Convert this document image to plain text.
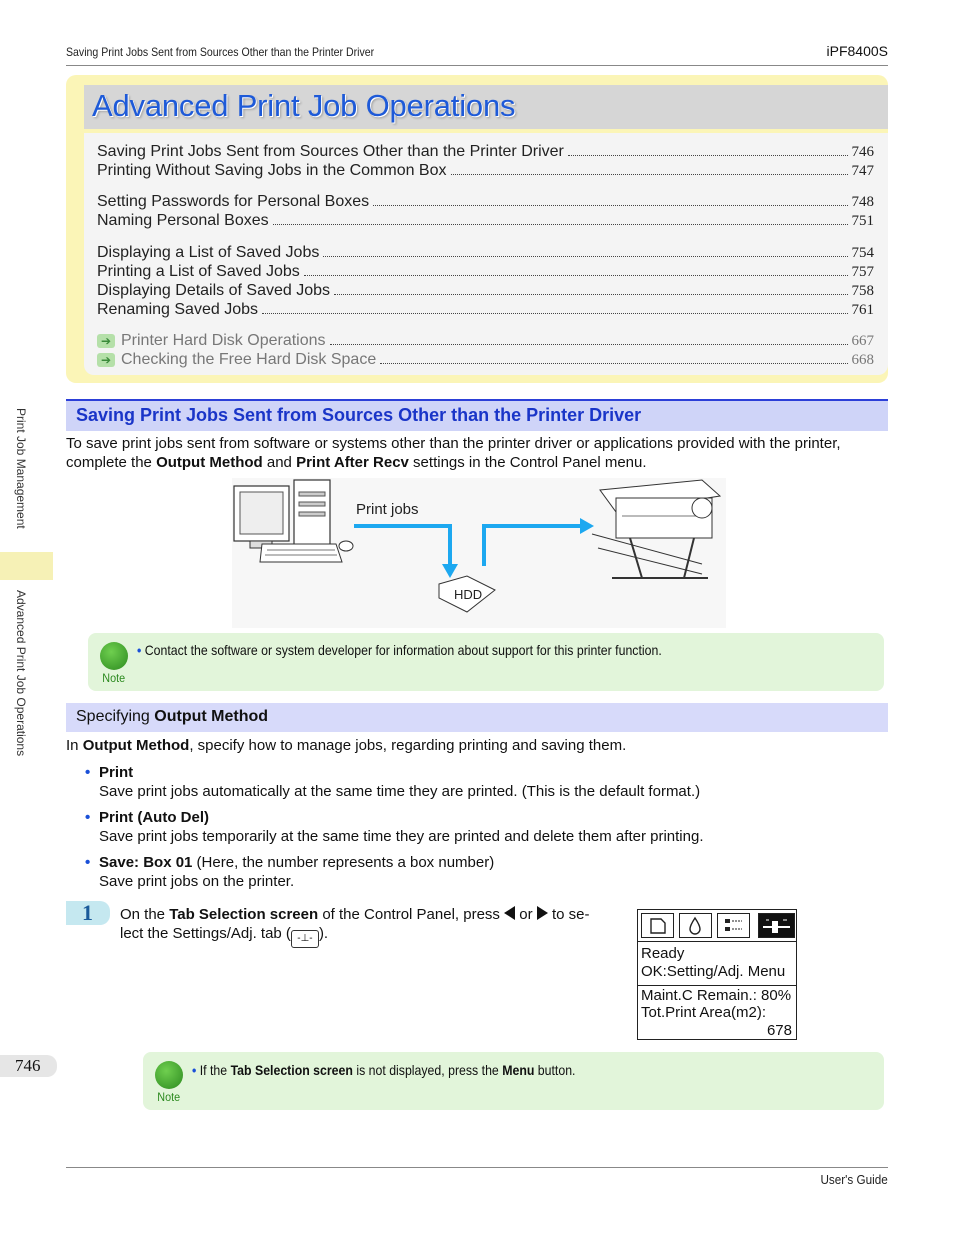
Saving Print Jobs Sent from Sources Other than the Printer Driver	iPF8400S
Advanced Print Job Operations
Saving Print Jobs Sent from Sources Other than the Printer Driver	746
Printing Without Saving Jobs in the Common Box	747
Setting Passwords for Personal Boxes	748
Naming Personal Boxes	751
Displaying a List of Saved Jobs	754
Printing a List of Saved Jobs	757
Displaying Details of Saved Jobs	758
Renaming Saved Jobs	761
➔ Printer Hard Disk Operations	667
➔ Checking the Free Hard Disk Space	668
Print Job Management
Advanced Print Job Operations
Saving Print Jobs Sent from Sources Other than the Printer Driver
To save print jobs sent from software or systems other than the printer driver or applications provided with the printer,
complete the Output Method and Print After Recv settings in the Control Panel menu.
HDD
Print jobs
Note
• Contact the software or system developer for information about support for this printer function.
Specifying Output Method
In Output Method, specify how to manage jobs, regarding printing and saving them.
• Print
Save print jobs automatically at the same time they are printed. (This is the default format.)
• Print (Auto Del)
Save print jobs temporarily at the same time they are printed and delete them after printing.
• Save: Box 01 (Here, the number represents a box number)
Save print jobs on the printer.
1	On the Tab Selection screen of the Control Panel, press  or  to se-
lect the Settings/Adj. tab ( -⊥- ).
Ready
OK:Setting/Adj. Menu
Maint.C Remain.: 80%
Tot.Print Area(m2):
678
746
Note
• If the Tab Selection screen is not displayed, press the Menu button.
User's Guide
